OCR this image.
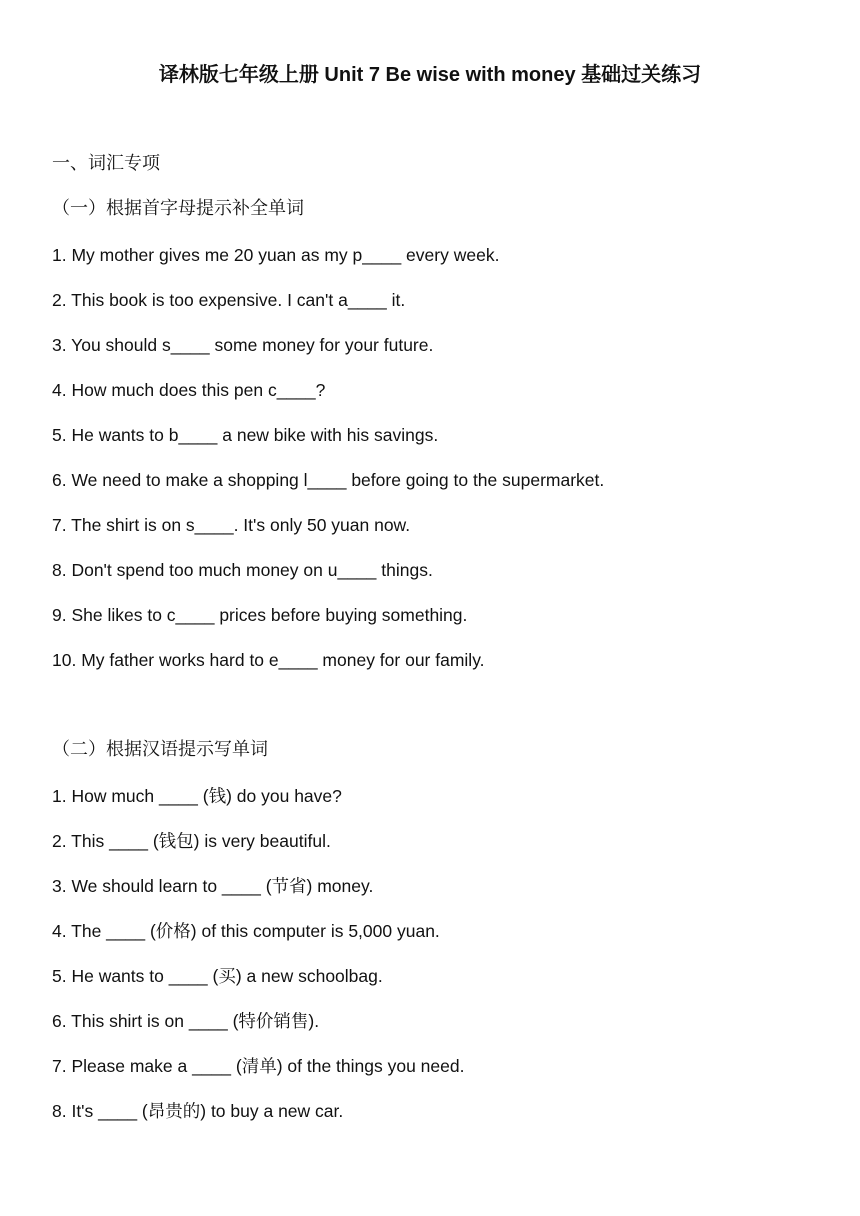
译林版七年级上册 Unit 7 Be wise with money 基础过关练习
一、词汇专项
（一）根据首字母提示补全单词
1. My mother gives me 20 yuan as my p____ every week.
2. This book is too expensive. I can't a____ it.
3. You should s____ some money for your future.
4. How much does this pen c____?
5. He wants to b____ a new bike with his savings.
6. We need to make a shopping l____ before going to the supermarket.
7. The shirt is on s____. It's only 50 yuan now.
8. Don't spend too much money on u____ things.
9. She likes to c____ prices before buying something.
10. My father works hard to e____ money for our family.
（二）根据汉语提示写单词
1. How much ____ (钱) do you have?
2. This ____ (钱包) is very beautiful.
3. We should learn to ____ (节省) money.
4. The ____ (价格) of this computer is 5,000 yuan.
5. He wants to ____ (买) a new schoolbag.
6. This shirt is on ____ (特价销售).
7. Please make a ____ (清单) of the things you need.
8. It's ____ (昂贵的) to buy a new car.
